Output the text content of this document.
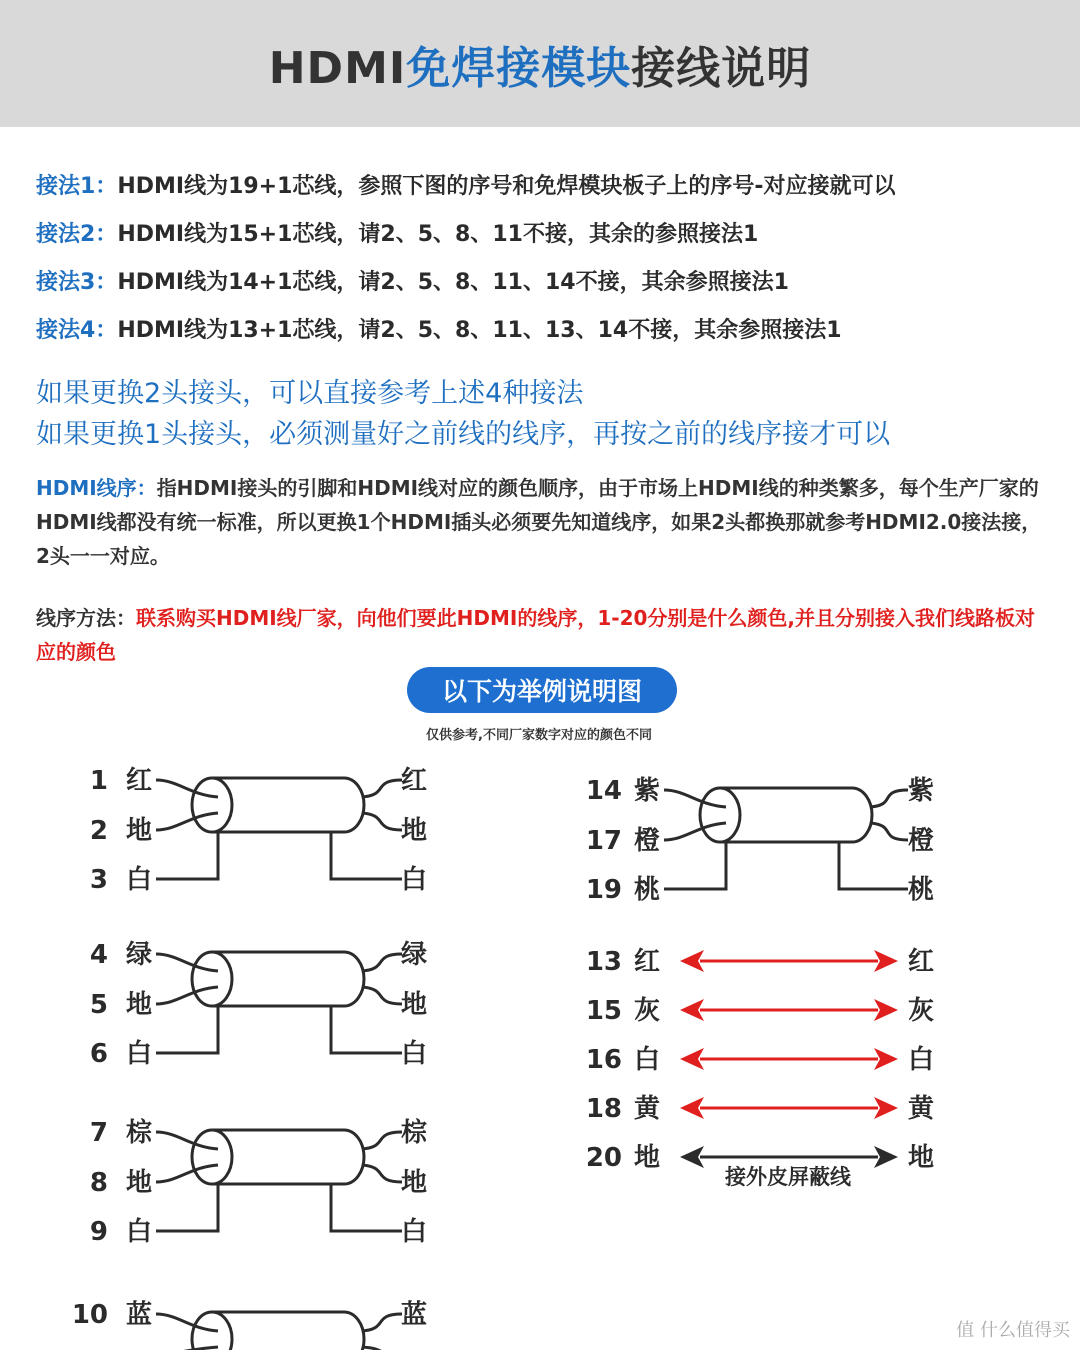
HDMI免焊接模块接线说明
接法1：HDMI线为19+1芯线，参照下图的序号和免焊模块板子上的序号-对应接就可以
接法2：HDMI线为15+1芯线，请2、5、8、11不接，其余的参照接法1
接法3：HDMI线为14+1芯线，请2、5、8、11、14不接，其余参照接法1
接法4：HDMI线为13+1芯线，请2、5、8、11、13、14不接，其余参照接法1
如果更换2头接头，可以直接参考上述4种接法
如果更换1头接头，必须测量好之前线的线序，再按之前的线序接才可以
HDMI线序：指HDMI接头的引脚和HDMI线对应的颜色顺序，由于市场上HDMI线的种类繁多，每个生产厂家的HDMI线都没有统一标准，所以更换1个HDMI插头必须要先知道线序，如果2头都换那就参考HDMI2.0接法接，2头一一对应。
线序方法：联系购买HDMI线厂家，向他们要此HDMI的线序，1-20分别是什么颜色,并且分别接入我们线路板对应的颜色
以下为举例说明图
仅供参考,不同厂家数字对应的颜色不同
1 红	红
2 地	地
3 白	白
4 绿	绿
5 地	地
6 白	白
7 棕	棕
8 地	地
9 白	白
10 蓝	蓝
14 紫	紫
17 橙	橙
19 桃	桃
13 红	红
15 灰	灰
16 白	白
18 黄	黄
20 地	地
接外皮屏蔽线
值 什么值得买
